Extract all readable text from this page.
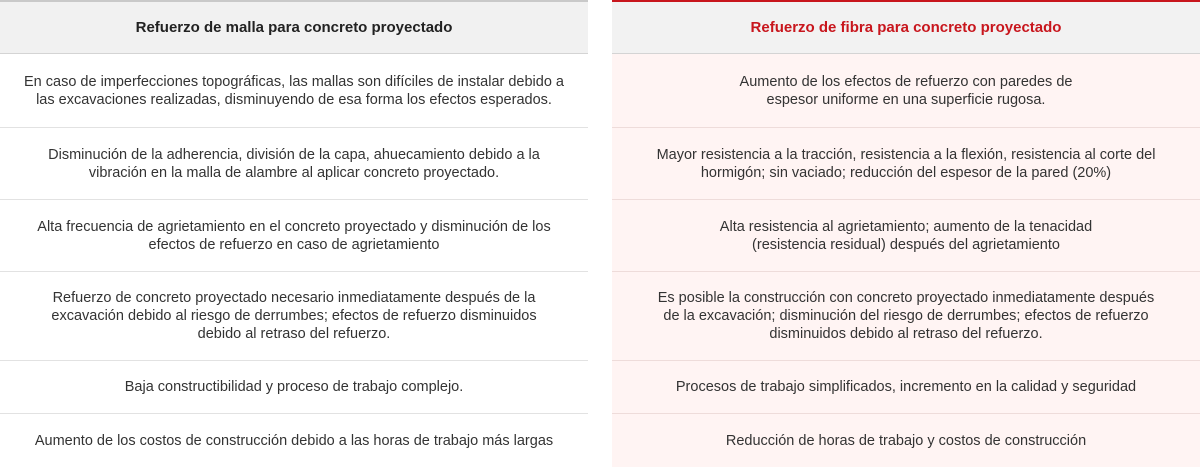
Refuerzo de malla para concreto proyectado
En caso de imperfecciones topográficas, las mallas son difíciles de instalar debido a las excavaciones realizadas, disminuyendo de esa forma los efectos esperados.
Disminución de la adherencia, división de la capa, ahuecamiento debido a la vibración en la malla de alambre al aplicar concreto proyectado.
Alta frecuencia de agrietamiento en el concreto proyectado y disminución de los efectos de refuerzo en caso de agrietamiento
Refuerzo de concreto proyectado necesario inmediatamente después de la excavación debido al riesgo de derrumbes; efectos de refuerzo disminuidos debido al retraso del refuerzo.
Baja constructibilidad y proceso de trabajo complejo.
Aumento de los costos de construcción debido a las horas de trabajo más largas
Refuerzo de fibra para concreto proyectado
Aumento de los efectos de refuerzo con paredes de espesor uniforme en una superficie rugosa.
Mayor resistencia a la tracción, resistencia a la flexión, resistencia al corte del hormigón; sin vaciado; reducción del espesor de la pared (20%)
Alta resistencia al agrietamiento; aumento de la tenacidad (resistencia residual) después del agrietamiento
Es posible la construcción con concreto proyectado inmediatamente después de la excavación; disminución del riesgo de derrumbes; efectos de refuerzo disminuidos debido al retraso del refuerzo.
Procesos de trabajo simplificados, incremento en la calidad y seguridad
Reducción de horas de trabajo y costos de construcción
